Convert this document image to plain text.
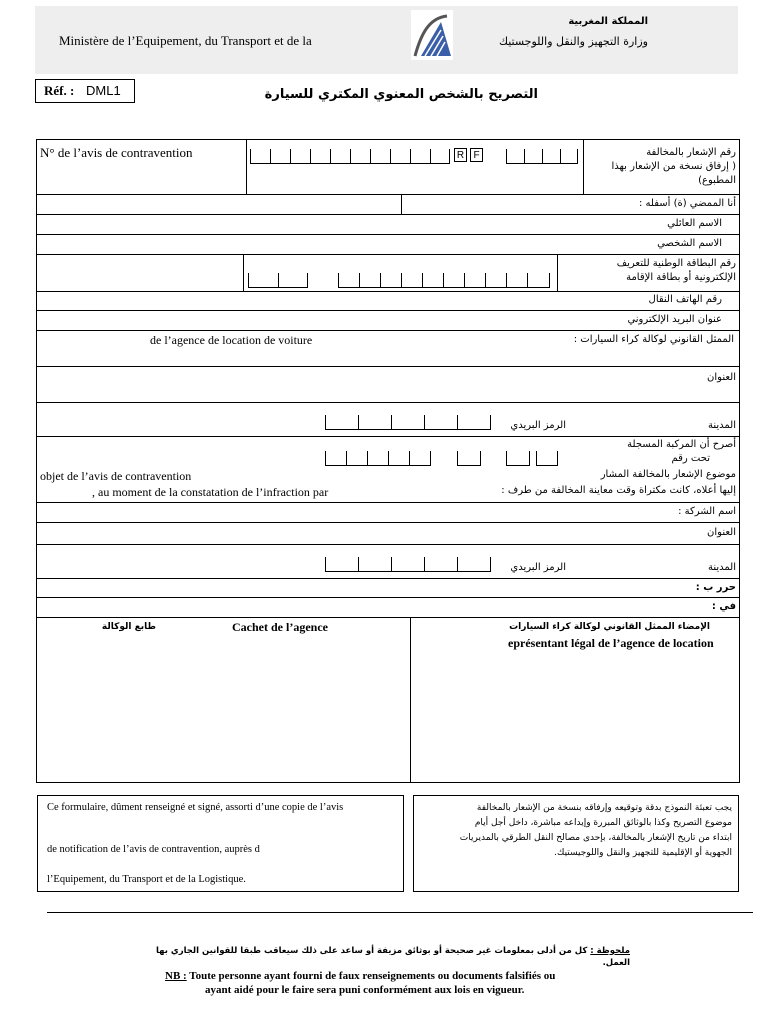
Ministère de l’Equipement, du Transport et de la
المملكة المغربية
وزارة التجهيز والنقل واللوجستيك
Réf. : DML1	التصريح بالشخص المعنوي المكتري للسيارة
N° de l’avis de contravention	رقم الإشعار بالمخالفة
( إرفاق نسخة من الإشعار بهذا
المطبوع)
R F
أنا الممضي (ة) أسفله :
الاسم العائلي
الاسم الشخصي
رقم البطاقة الوطنية للتعريف
الإلكترونية أو بطاقة الإقامة
رقم الهاتف النقال
عنوان البريد الإلكتروني
de l’agence de location de voiture	الممثل القانوني لوكالة كراء السيارات :
العنوان
المدينة
الرمز البريدي
أصرح أن المركبة المسجلة
تحت رقم
موضوع الإشعار بالمخالفة المشار
إليها أعلاه، كانت مكتراة وقت معاينة المخالفة من طرف :
objet de l’avis de contravention
, au moment de la constatation de l’infraction par
اسم الشركة :
العنوان
المدينة
الرمز البريدي
حرر ب :
في :
طابع الوكالة	Cachet de l’agence	الإمضاء الممثل القانوني لوكالة كراء السيارات
eprésentant légal de l’agence de location
Ce formulaire, dûment renseigné et signé, assorti d’une copie de l’avis
de notification de l’avis de contravention, auprès d
l’Equipement, du Transport et de la Logistique.
يجب تعبئة النموذج بدقة وتوقيعه وإرفاقه بنسخة من الإشعار بالمخالفة
موضوع التصريح وكذا بالوثائق المبررة وإيداعه مباشرة، داخل أجل أيام
ابتداء من تاريخ الإشعار بالمخالفة، بإحدى مصالح النقل الطرقي بالمديريات
الجهوية أو الإقليمية للتجهيز والنقل واللوجيستيك.
ملحوظة : كل من أدلى بمعلومات غير صحيحة أو بوثائق مزيفة أو ساعد على ذلك سيعاقب طبقا للقوانين الجاري بها العمل.
NB : Toute personne ayant fourni de faux renseignements ou documents falsifiés ou
ayant aidé pour le faire sera puni conformément aux lois en vigueur.
